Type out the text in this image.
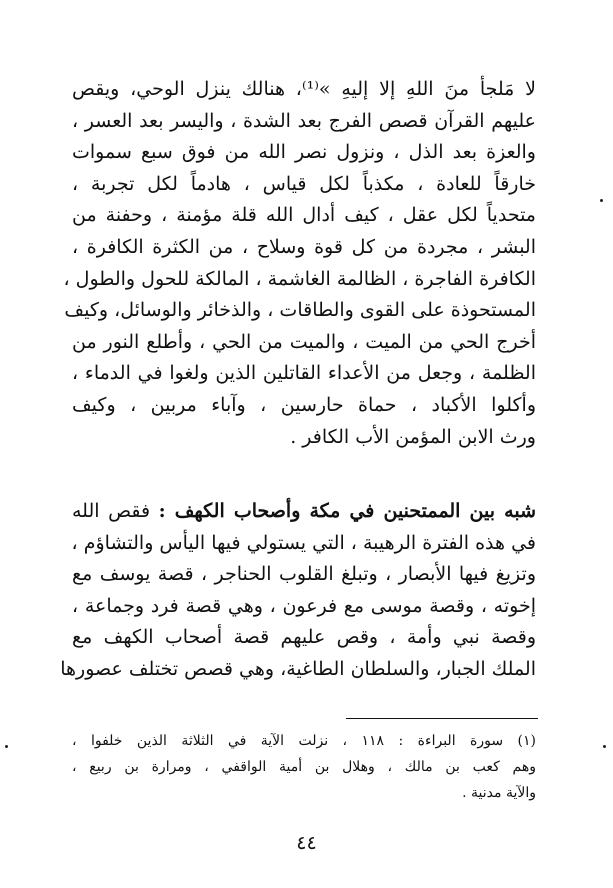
لا مَلجأ منَ اللهِ إلا إليهِ »⁽¹⁾، هنالك ينزل الوحي، ويقص
عليهم القرآن قصص الفرج بعد الشدة ، واليسر بعد العسر ،
والعزة بعد الذل ، ونزول نصر الله من فوق سبع سموات
خارقاً للعادة ، مكذباً لكل قياس ، هادماً لكل تجربة ،
متحدياً لكل عقل ، كيف أدال الله قلة مؤمنة ، وحفنة من
البشر ، مجردة من كل قوة وسلاح ، من الكثرة الكافرة ،
الكافرة الفاجرة ، الظالمة الغاشمة ، المالكة للحول والطول ،
المستحوذة على القوى والطاقات ، والذخائر والوسائل، وكيف
أخرج الحي من الميت ، والميت من الحي ، وأطلع النور من
الظلمة ، وجعل من الأعداء القاتلين الذين ولغوا في الدماء ،
وأكلوا الأكباد ، حماة حارسين ، وآباء مربين ، وكيف
ورث الابن المؤمن الأب الكافر .
شبه بين الممتحنين في مكة وأصحاب الكهف : فقص الله
في هذه الفترة الرهيبة ، التي يستولي فيها اليأس والتشاؤم ،
وتزيغ فيها الأبصار ، وتبلغ القلوب الحناجر ، قصة يوسف مع
إخوته ، وقصة موسى مع فرعون ، وهي قصة فرد وجماعة ،
وقصة نبي وأمة ، وقص عليهم قصة أصحاب الكهف مع
الملك الجبار، والسلطان الطاغية، وهي قصص تختلف عصورها
(١) سورة البراءة : ١١٨ ، نزلت الآية في الثلاثة الذين خلفوا ،
وهم كعب بن مالك ، وهلال بن أمية الواقفي ، ومرارة بن ربيع ،
والآية مدنية .
٤٤
